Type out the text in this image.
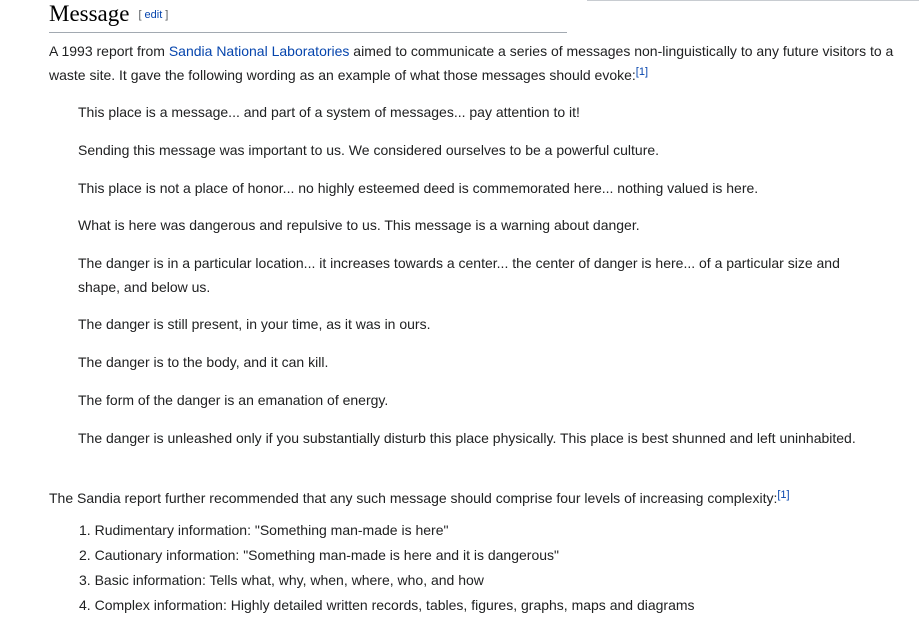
Message [ edit ]

A 1993 report from Sandia National Laboratories aimed to communicate a series of messages non-linguistically to any future visitors to a waste site. It gave the following wording as an example of what those messages should evoke:[1]

This place is a message... and part of a system of messages... pay attention to it!

Sending this message was important to us. We considered ourselves to be a powerful culture.

This place is not a place of honor... no highly esteemed deed is commemorated here... nothing valued is here.

What is here was dangerous and repulsive to us. This message is a warning about danger.

The danger is in a particular location... it increases towards a center... the center of danger is here... of a particular size and shape, and below us.

The danger is still present, in your time, as it was in ours.

The danger is to the body, and it can kill.

The form of the danger is an emanation of energy.

The danger is unleashed only if you substantially disturb this place physically. This place is best shunned and left uninhabited.

The Sandia report further recommended that any such message should comprise four levels of increasing complexity:[1]

1. Rudimentary information: "Something man-made is here"
2. Cautionary information: "Something man-made is here and it is dangerous"
3. Basic information: Tells what, why, when, where, who, and how
4. Complex information: Highly detailed written records, tables, figures, graphs, maps and diagrams
